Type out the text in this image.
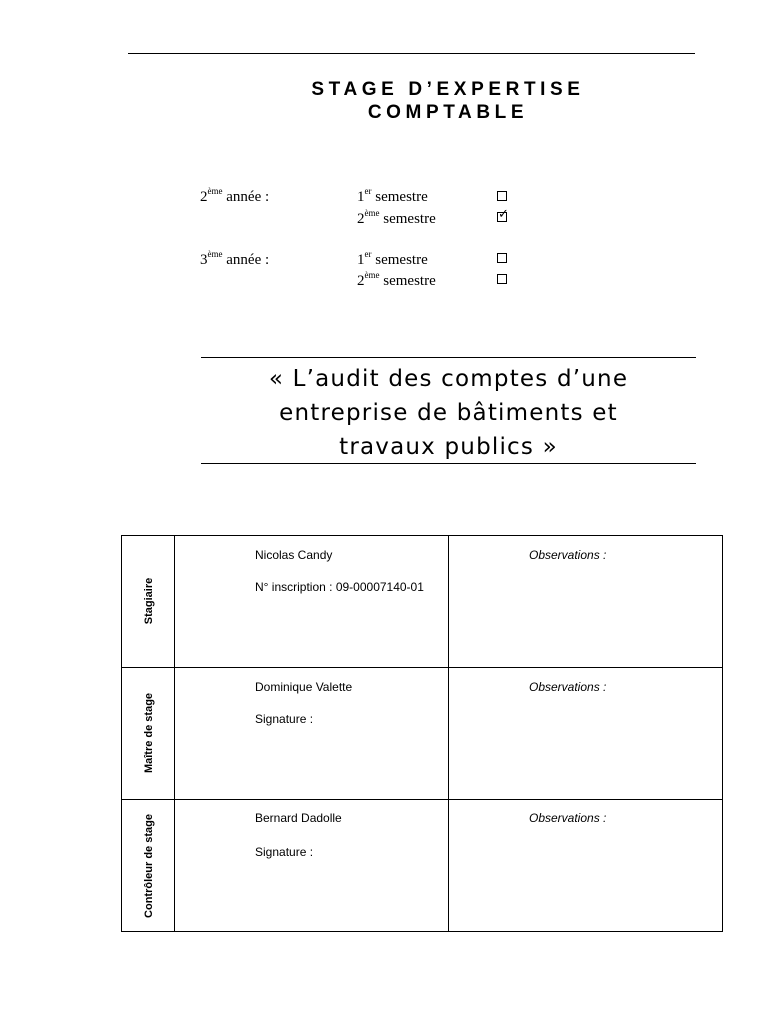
STAGE D’EXPERTISE
COMPTABLE
2ème année :	1er semestre
2ème semestre	✓
3ème année :	1er semestre
2ème semestre
« L’audit des comptes d’une
entreprise de bâtiments et
travaux publics »
Stagiaire
Nicolas Candy
N° inscription : 09-00007140-01
Observations :
Maître de stage
Dominique Valette
Signature :
Observations :
Contrôleur de stage	Bernard Dadolle
Signature :
Observations :
